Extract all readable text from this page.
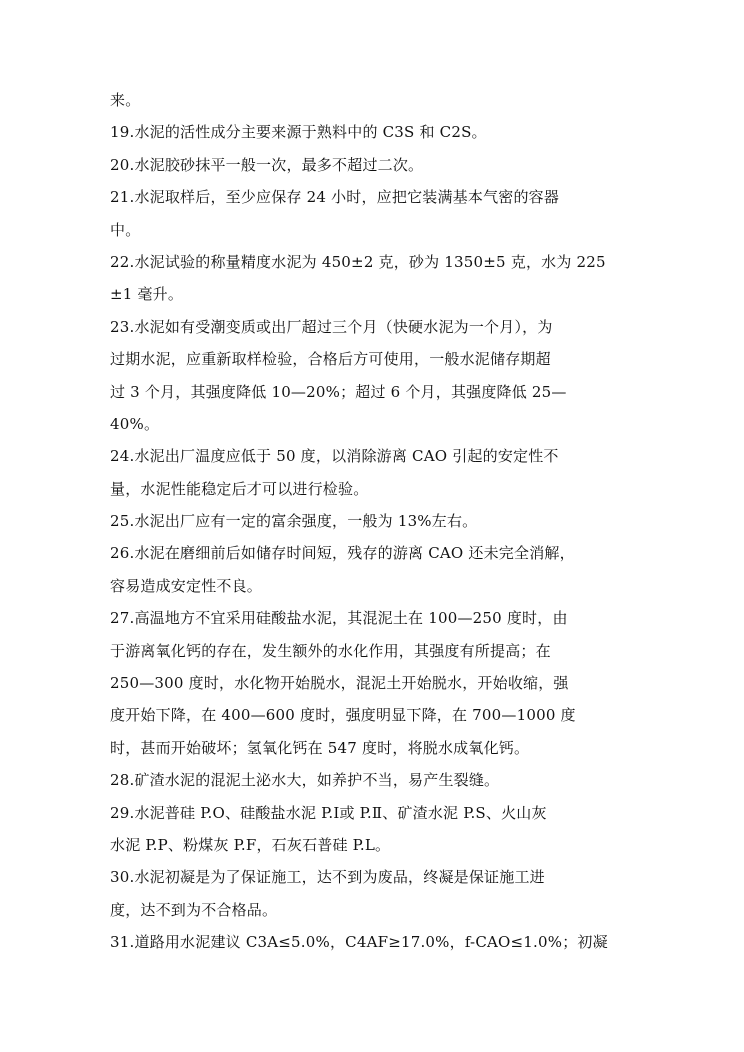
来。
19.水泥的活性成分主要来源于熟料中的 C3S 和 C2S。
20.水泥胶砂抹平一般一次，最多不超过二次。
21.水泥取样后，至少应保存 24 小时，应把它装满基本气密的容器
中。
22.水泥试验的称量精度水泥为 450±2 克，砂为 1350±5 克，水为 225
±1 毫升。
23.水泥如有受潮变质或出厂超过三个月（快硬水泥为一个月），为
过期水泥，应重新取样检验，合格后方可使用，一般水泥储存期超
过 3 个月，其强度降低 10—20%；超过 6 个月，其强度降低 25—
40%。
24.水泥出厂温度应低于 50 度，以消除游离 CAO 引起的安定性不
量，水泥性能稳定后才可以进行检验。
25.水泥出厂应有一定的富余强度，一般为 13%左右。
26.水泥在磨细前后如储存时间短，残存的游离 CAO 还未完全消解，
容易造成安定性不良。
27.高温地方不宜采用硅酸盐水泥，其混泥土在 100—250 度时，由
于游离氧化钙的存在，发生额外的水化作用，其强度有所提高；在
250—300 度时，水化物开始脱水，混泥土开始脱水，开始收缩，强
度开始下降，在 400—600 度时，强度明显下降，在 700—1000 度
时，甚而开始破坏；氢氧化钙在 547 度时，将脱水成氧化钙。
28.矿渣水泥的混泥土泌水大，如养护不当，易产生裂缝。
29.水泥普硅 P.O、硅酸盐水泥 P.Ⅰ或 P.Ⅱ、矿渣水泥 P.S、火山灰
水泥 P.P、粉煤灰 P.F，石灰石普硅 P.L。
30.水泥初凝是为了保证施工，达不到为废品，终凝是保证施工进
度，达不到为不合格品。
31.道路用水泥建议 C3A≤5.0%，C4AF≥17.0%，f-CAO≤1.0%；初凝
